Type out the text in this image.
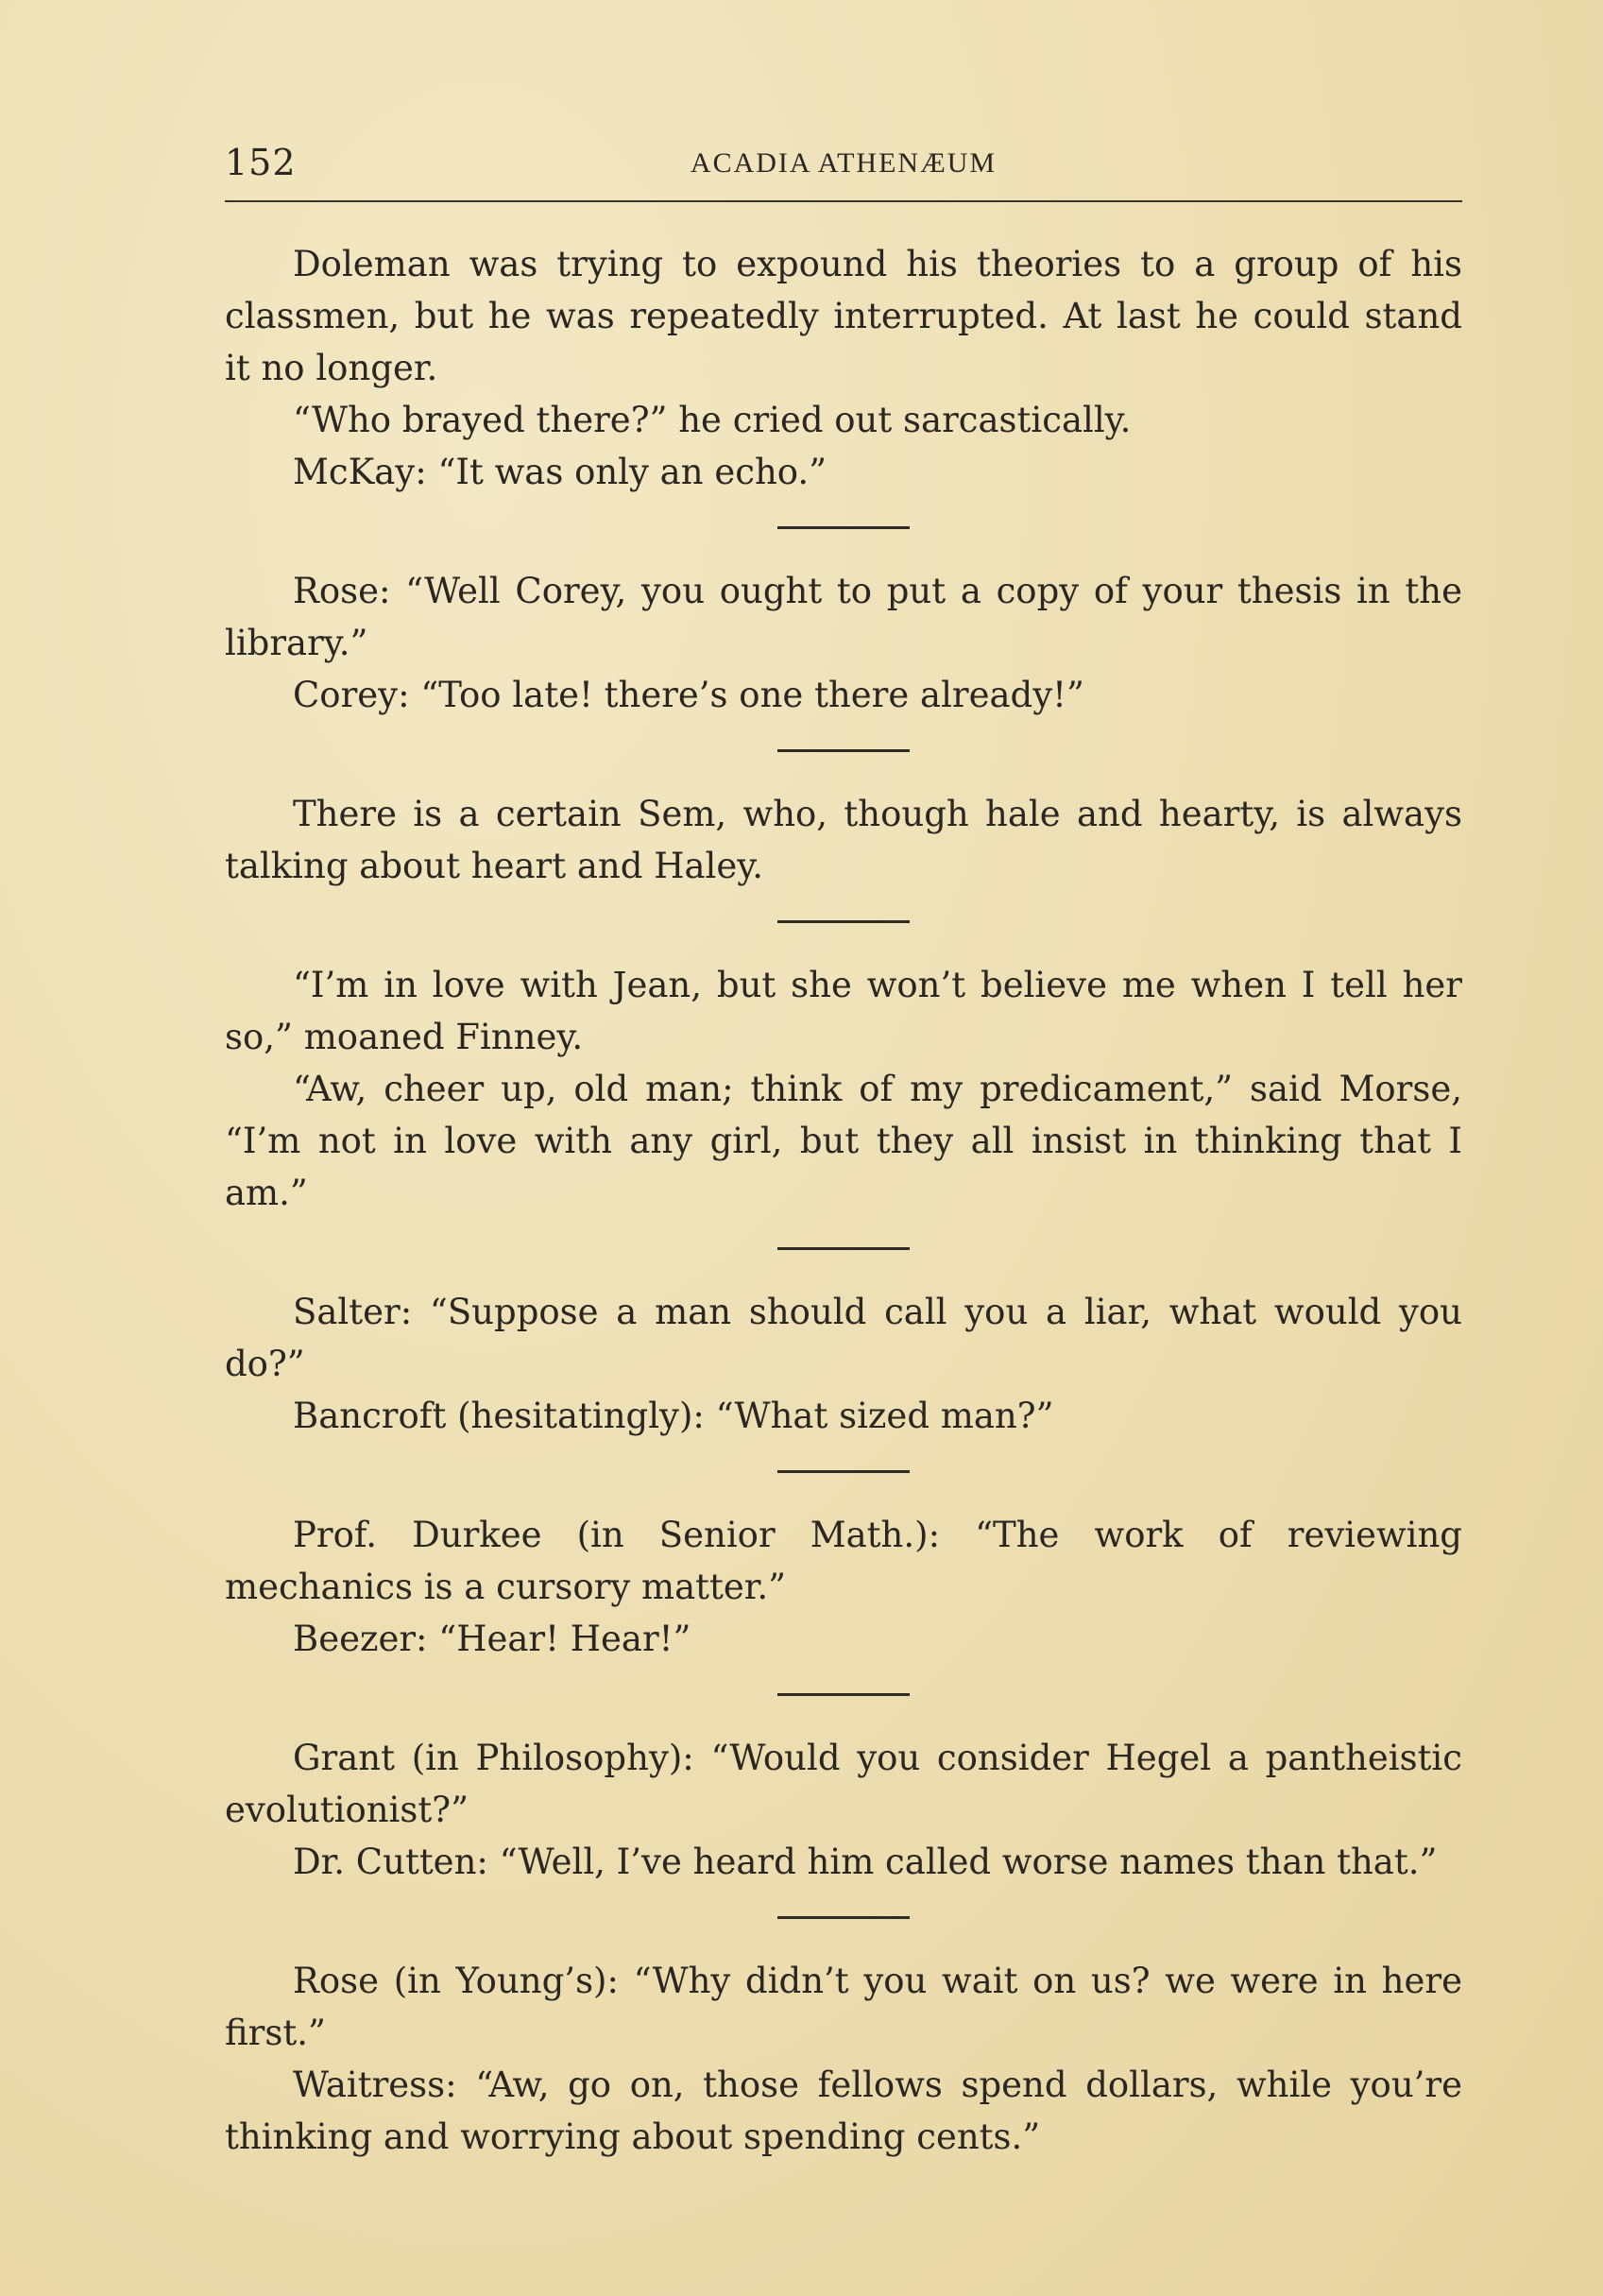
152	ACADIA ATHENÆUM

Doleman was trying to expound his theories to a group of his classmen, but he was repeatedly interrupted. At last he could stand it no longer.

“Who brayed there?” he cried out sarcastically.

McKay: “It was only an echo.”

Rose: “Well Corey, you ought to put a copy of your thesis in the library.”

Corey: “Too late! there’s one there already!”

There is a certain Sem, who, though hale and hearty, is always talking about heart and Haley.

“I’m in love with Jean, but she won’t believe me when I tell her so,” moaned Finney.

“Aw, cheer up, old man; think of my predicament,” said Morse, “I’m not in love with any girl, but they all insist in thinking that I am.”

Salter: “Suppose a man should call you a liar, what would you do?”

Bancroft (hesitatingly): “What sized man?”

Prof. Durkee (in Senior Math.): “The work of reviewing mechanics is a cursory matter.”

Beezer: “Hear! Hear!”

Grant (in Philosophy): “Would you consider Hegel a pantheistic evolutionist?”

Dr. Cutten: “Well, I’ve heard him called worse names than that.”

Rose (in Young’s): “Why didn’t you wait on us? we were in here first.”

Waitress: “Aw, go on, those fellows spend dollars, while you’re thinking and worrying about spending cents.”
